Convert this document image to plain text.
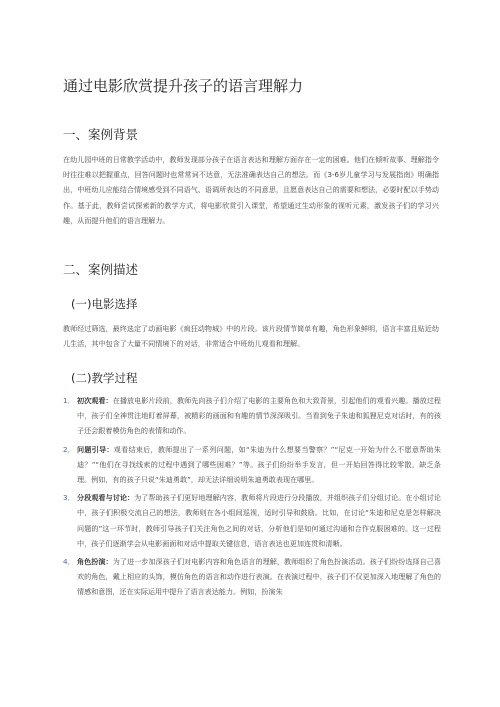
通过电影欣赏提升孩子的语言理解力
一、案例背景

在幼儿园中班的日常教学活动中，教师发现部分孩子在语言表达和理解方面存在一定的困难。他们在倾听故事、理解指令时往往难以把握重点，回答问题时也常常词不达意，无法准确表达自己的想法。而《3-6岁儿童学习与发展指南》明确指出，中班幼儿应能结合情境感受到不同语气、语调所表达的不同意思，且愿意表达自己的需要和想法，必要时配以手势动作。基于此，教师尝试探索新的教学方式，将电影欣赏引入课堂，希望通过生动形象的视听元素，激发孩子们的学习兴趣，从而提升他们的语言理解力。

二、案例描述
(一)电影选择

教师经过筛选，最终选定了动画电影《疯狂动物城》中的片段。该片段情节简单有趣，角色形象鲜明，语言丰富且贴近幼儿生活，其中包含了大量不同情境下的对话，非常适合中班幼儿观看和理解。

(二)教学过程
1． 初次观看：在播放电影片段前，教师先向孩子们介绍了电影的主要角色和大致背景，引起他们的观看兴趣。播放过程中，孩子们全神贯注地盯着屏幕，被精彩的画面和有趣的情节深深吸引。当看到兔子朱迪和狐狸尼克对话时，有的孩子还会跟着模仿角色的表情和动作。
2． 问题引导：观看结束后，教师提出了一系列问题，如“朱迪为什么想要当警察？”“尼克一开始为什么不愿意帮助朱迪？”“他们在寻找线索的过程中遇到了哪些困难？”等。孩子们纷纷举手发言，但一开始回答得比较零散，缺乏条理。例如，有的孩子只说“朱迪勇敢”，却无法详细说明朱迪勇敢表现在哪里。
3． 分段观看与讨论：为了帮助孩子们更好地理解内容，教师将片段进行分段播放，并组织孩子们分组讨论。在小组讨论中，孩子们积极交流自己的想法，教师则在各小组间巡视，适时引导和鼓励。比如，在讨论“朱迪和尼克是怎样解决问题的”这一环节时，教师引导孩子们关注角色之间的对话，分析他们是如何通过沟通和合作克服困难的。这一过程中，孩子们逐渐学会从电影画面和对话中提取关键信息，语言表达也更加连贯和清晰。
4． 角色扮演：为了进一步加深孩子们对电影内容和角色语言的理解，教师组织了角色扮演活动。孩子们纷纷选择自己喜欢的角色，戴上相应的头饰，模仿角色的语言和动作进行表演。在表演过程中，孩子们不仅更加深入地理解了角色的情感和意图，还在实际运用中提升了语言表达能力。例如，扮演朱
